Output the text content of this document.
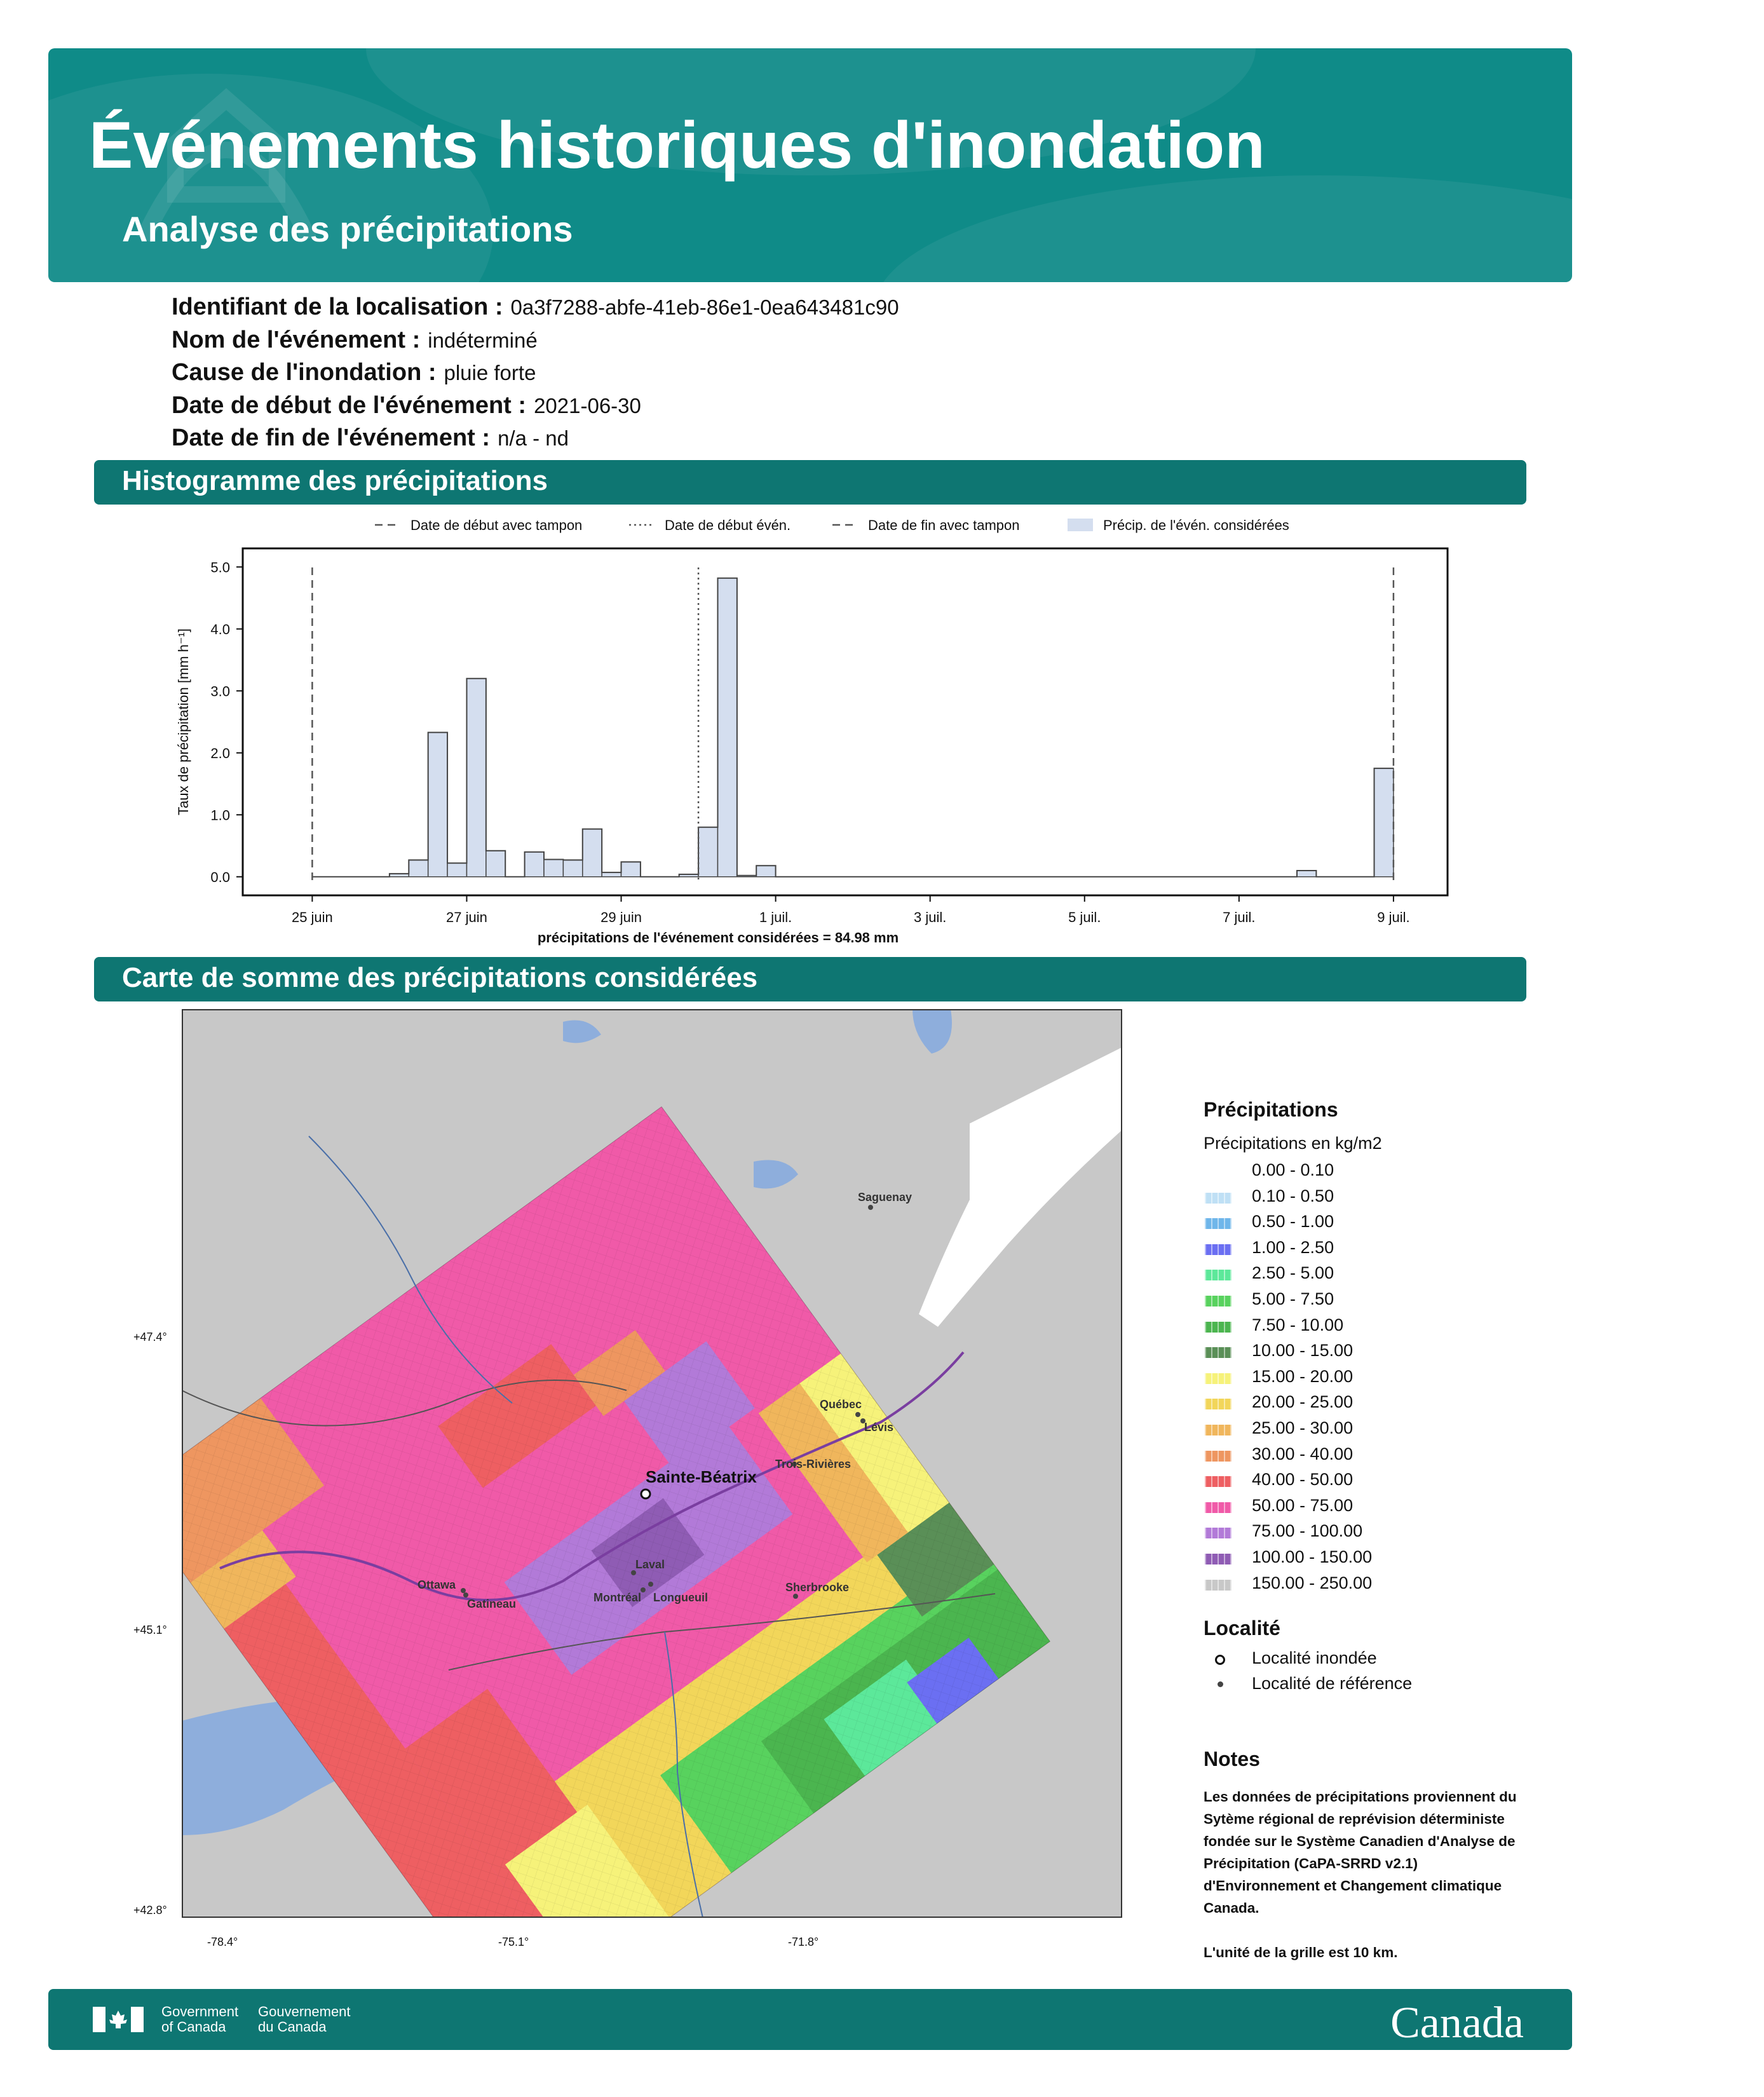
Événements historiques d'inondation
Analyse des précipitations
Identifiant de la localisation : 0a3f7288-abfe-41eb-86e1-0ea643481c90
Nom de l'événement : indéterminé
Cause de l'inondation : pluie forte
Date de début de l'événement : 2021-06-30
Date de fin de l'événement : n/a - nd
Histogramme des précipitations
Date de début avec tampon	Date de début évén.	Date de fin avec tampon	Précip. de l'évén. considérées
0.0
1.0
2.0
3.0
4.0
5.0
25 juin	27 juin	29 juin	1 juil.	3 juil.	5 juil.	7 juil.	9 juil.
Taux de précipitation [mm h⁻¹]
précipitations de l'événement considérées = 84.98 mm
Carte de somme des précipitations considérées
Sainte-Béatrix
Saguenay
Québec
Lévis
Trois-Rivières
Laval
Ottawa
Gatineau	Montréal Longueuil
Sherbrooke
+47.4°
+45.1°
+42.8°
-78.4°	-75.1°	-71.8°
Précipitations
Précipitations en kg/m2
0.00 - 0.10
0.10 - 0.50
0.50 - 1.00
1.00 - 2.50
2.50 - 5.00
5.00 - 7.50
7.50 - 10.00
10.00 - 15.00
15.00 - 20.00
20.00 - 25.00
25.00 - 30.00
30.00 - 40.00
40.00 - 50.00
50.00 - 75.00
75.00 - 100.00
100.00 - 150.00
150.00 - 250.00
Localité
Localité inondée
Localité de référence
Notes
Les données de précipitations proviennent du Sytème régional de reprévision déterministe fondée sur le Système Canadien d'Analyse de Précipitation (CaPA-SRRD v2.1) d'Environnement et Changement climatique Canada.
L'unité de la grille est 10 km.
Government
of Canada
Gouvernement
du Canada	Canada
